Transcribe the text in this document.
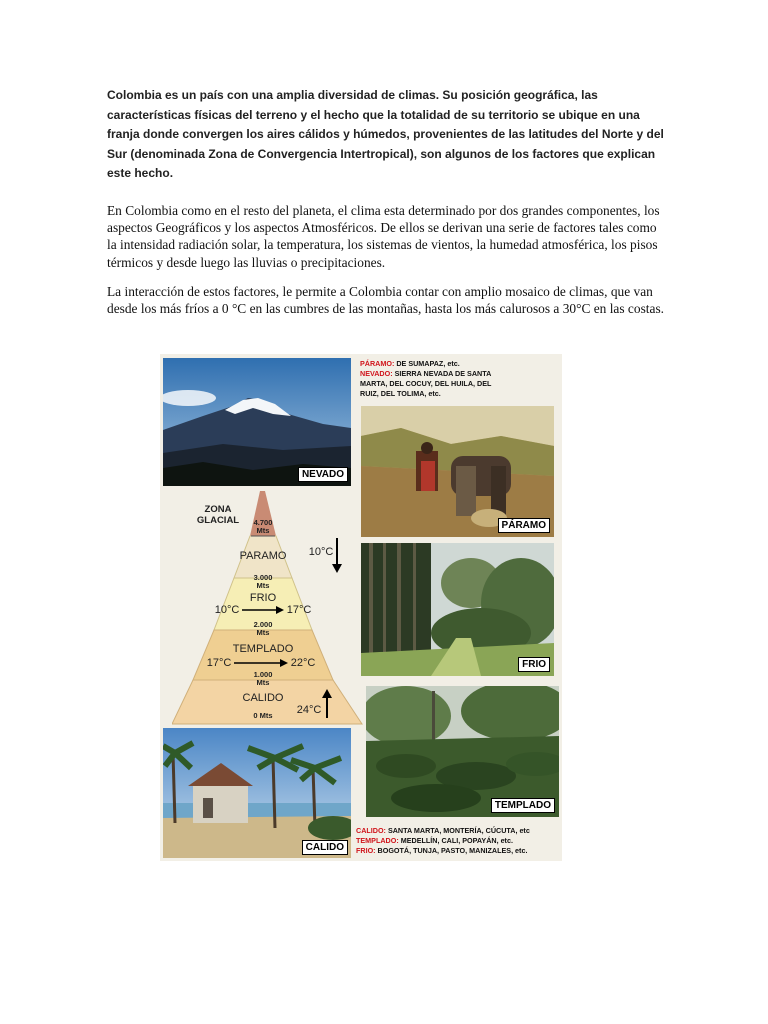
Colombia es un país con una amplia diversidad de climas. Su posición geográfica, las características físicas del terreno y el hecho que la totalidad de su territorio se ubique en una franja donde convergen los aires cálidos y húmedos, provenientes de las latitudes del Norte y del Sur (denominada Zona de Convergencia Intertropical), son algunos de los factores que explican este hecho.
En Colombia como en el resto del planeta, el clima esta determinado por dos grandes componentes, los aspectos Geográficos y los aspectos Atmosféricos. De ellos se derivan una serie de factores tales como la intensidad radiación solar, la temperatura, los sistemas de vientos, la humedad atmosférica, los pisos térmicos y desde luego las lluvias o precipitaciones.
La interacción de estos factores, le permite a Colombia contar con amplio mosaico de climas, que van desde los más fríos a 0 °C en las cumbres de las montañas, hasta los más calurosos a 30°C en las costas.
NEVADO
PÁRAMO: DE SUMAPAZ, etc.
NEVADO: SIERRA NEVADA DE SANTA
MARTA, DEL COCUY, DEL HUILA, DEL
RUIZ, DEL TOLIMA, etc.
PÁRAMO
ZONA
GLACIAL	4.700
Mts
PARAMO	10°C
3.000
Mts
FRIO
10°C	17°C
2.000
Mts
TEMPLADO
17°C	22°C
1.000
Mts
CALIDO
0 Mts	24°C
FRIO
TEMPLADO
CALIDO
CALIDO: SANTA MARTA, MONTERÍA, CÚCUTA, etc
TEMPLADO: MEDELLÍN, CALI, POPAYÁN, etc.
FRIO: BOGOTÁ, TUNJA, PASTO, MANIZALES, etc.
